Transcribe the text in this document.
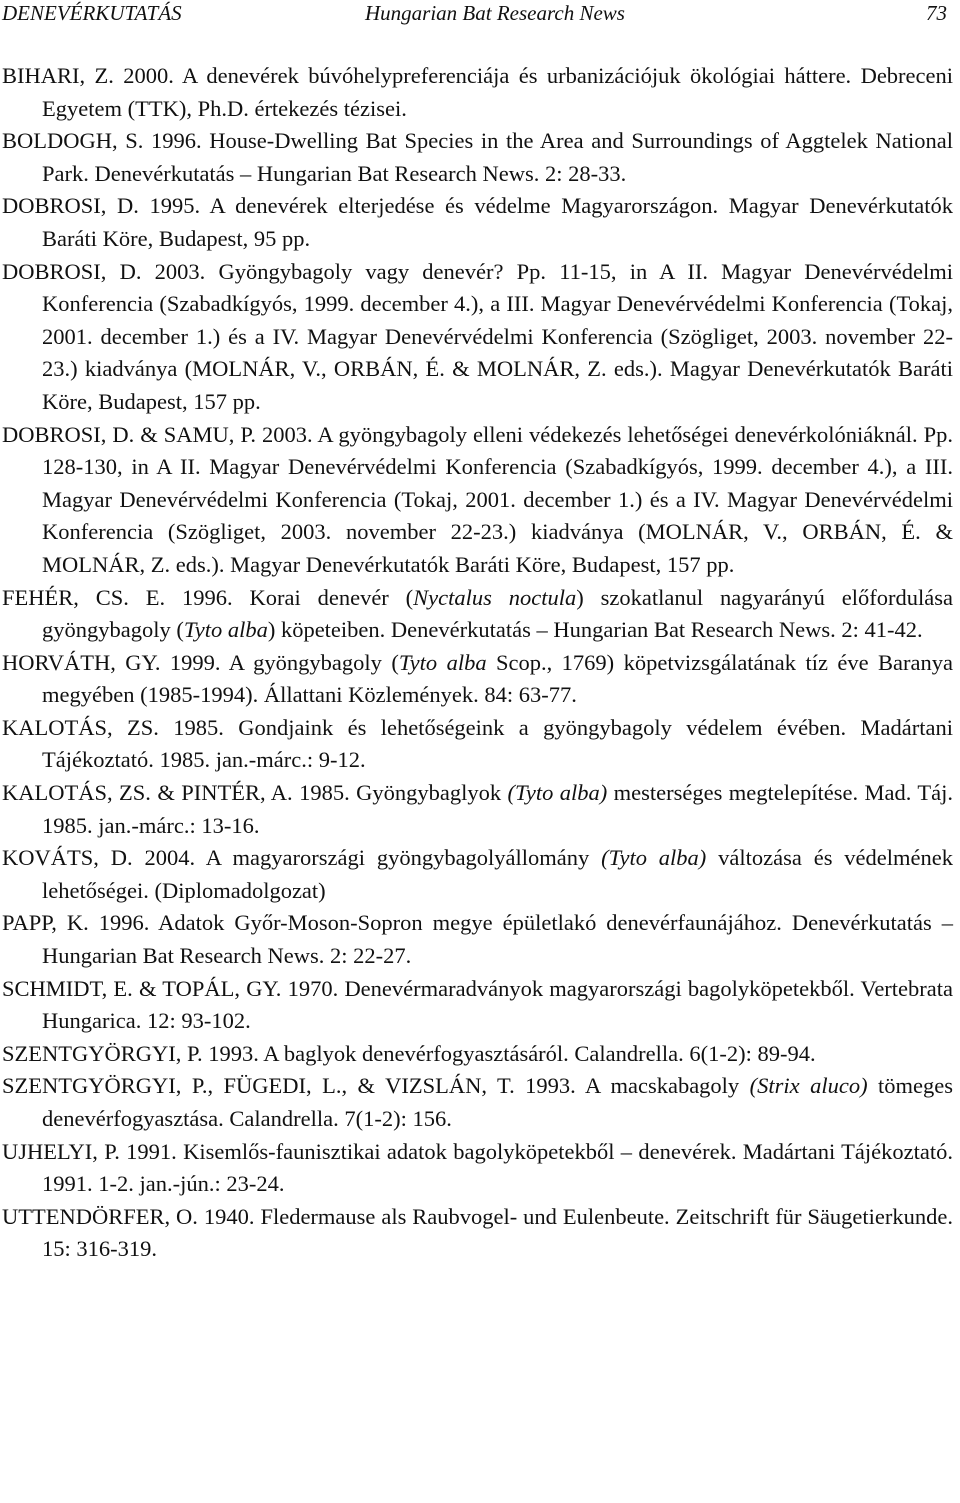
DENEVÉRKUTATÁS	Hungarian Bat Research News	73
BIHARI, Z. 2000. A denevérek búvóhelypreferenciája és urbanizációjuk ökológiai háttere. Debreceni Egyetem (TTK), Ph.D. értekezés tézisei.
BOLDOGH, S. 1996. House-Dwelling Bat Species in the Area and Surroundings of Aggtelek National Park. Denevérkutatás ‒ Hungarian Bat Research News. 2: 28-33.
DOBROSI, D. 1995. A denevérek elterjedése és védelme Magyarországon. Magyar Denevérkutatók Baráti Köre, Budapest, 95 pp.
DOBROSI, D. 2003. Gyöngybagoly vagy denevér? Pp. 11-15, in A II. Magyar Denevérvédelmi Konferencia (Szabadkígyós, 1999. december 4.), a III. Magyar Denevérvédelmi Konferencia (Tokaj, 2001. december 1.) és a IV. Magyar Denevérvédelmi Konferencia (Szögliget, 2003. november 22-23.) kiadványa (MOLNÁR, V., ORBÁN, É. & MOLNÁR, Z. eds.). Magyar Denevérkutatók Baráti Köre, Budapest, 157 pp.
DOBROSI, D. & SAMU, P. 2003. A gyöngybagoly elleni védekezés lehetőségei denevérkolóniáknál. Pp. 128-130, in A II. Magyar Denevérvédelmi Konferencia (Szabadkígyós, 1999. december 4.), a III. Magyar Denevérvédelmi Konferencia (Tokaj, 2001. december 1.) és a IV. Magyar Denevérvédelmi Konferencia (Szögliget, 2003. november 22-23.) kiadványa (MOLNÁR, V., ORBÁN, É. & MOLNÁR, Z. eds.). Magyar Denevérkutatók Baráti Köre, Budapest, 157 pp.
FEHÉR, CS. E. 1996. Korai denevér (Nyctalus noctula) szokatlanul nagyarányú előfordulása gyöngybagoly (Tyto alba) köpeteiben. Denevérkutatás ‒ Hungarian Bat Research News. 2: 41-42.
HORVÁTH, GY. 1999. A gyöngybagoly (Tyto alba Scop., 1769) köpetvizsgálatának tíz éve Baranya megyében (1985-1994). Állattani Közlemények. 84: 63-77.
KALOTÁS, ZS. 1985. Gondjaink és lehetőségeink a gyöngybagoly védelem évében. Madártani Tájékoztató. 1985. jan.-márc.: 9-12.
KALOTÁS, ZS. & PINTÉR, A. 1985. Gyöngybaglyok (Tyto alba) mesterséges megtelepítése. Mad. Táj. 1985. jan.-márc.: 13-16.
KOVÁTS, D. 2004. A magyarországi gyöngybagolyállomány (Tyto alba) változása és védelmének lehetőségei. (Diplomadolgozat)
PAPP, K. 1996. Adatok Győr-Moson-Sopron megye épületlakó denevérfaunájához. Denevérkutatás – Hungarian Bat Research News. 2: 22-27.
SCHMIDT, E. & TOPÁL, GY. 1970. Denevérmaradványok magyarországi bagolyköpetekből. Vertebrata Hungarica. 12: 93-102.
SZENTGYÖRGYI, P. 1993. A baglyok denevérfogyasztásáról. Calandrella. 6(1-2): 89-94.
SZENTGYÖRGYI, P., FÜGEDI, L., & VIZSLÁN, T. 1993. A macskabagoly (Strix aluco) tömeges denevérfogyasztása. Calandrella. 7(1-2): 156.
UJHELYI, P. 1991. Kisemlős-faunisztikai adatok bagolyköpetekből ‒ denevérek. Madártani Tájékoztató. 1991. 1-2. jan.-jún.: 23-24.
UTTENDÖRFER, O. 1940. Fledermause als Raubvogel- und Eulenbeute. Zeitschrift für Säugetierkunde. 15: 316-319.
